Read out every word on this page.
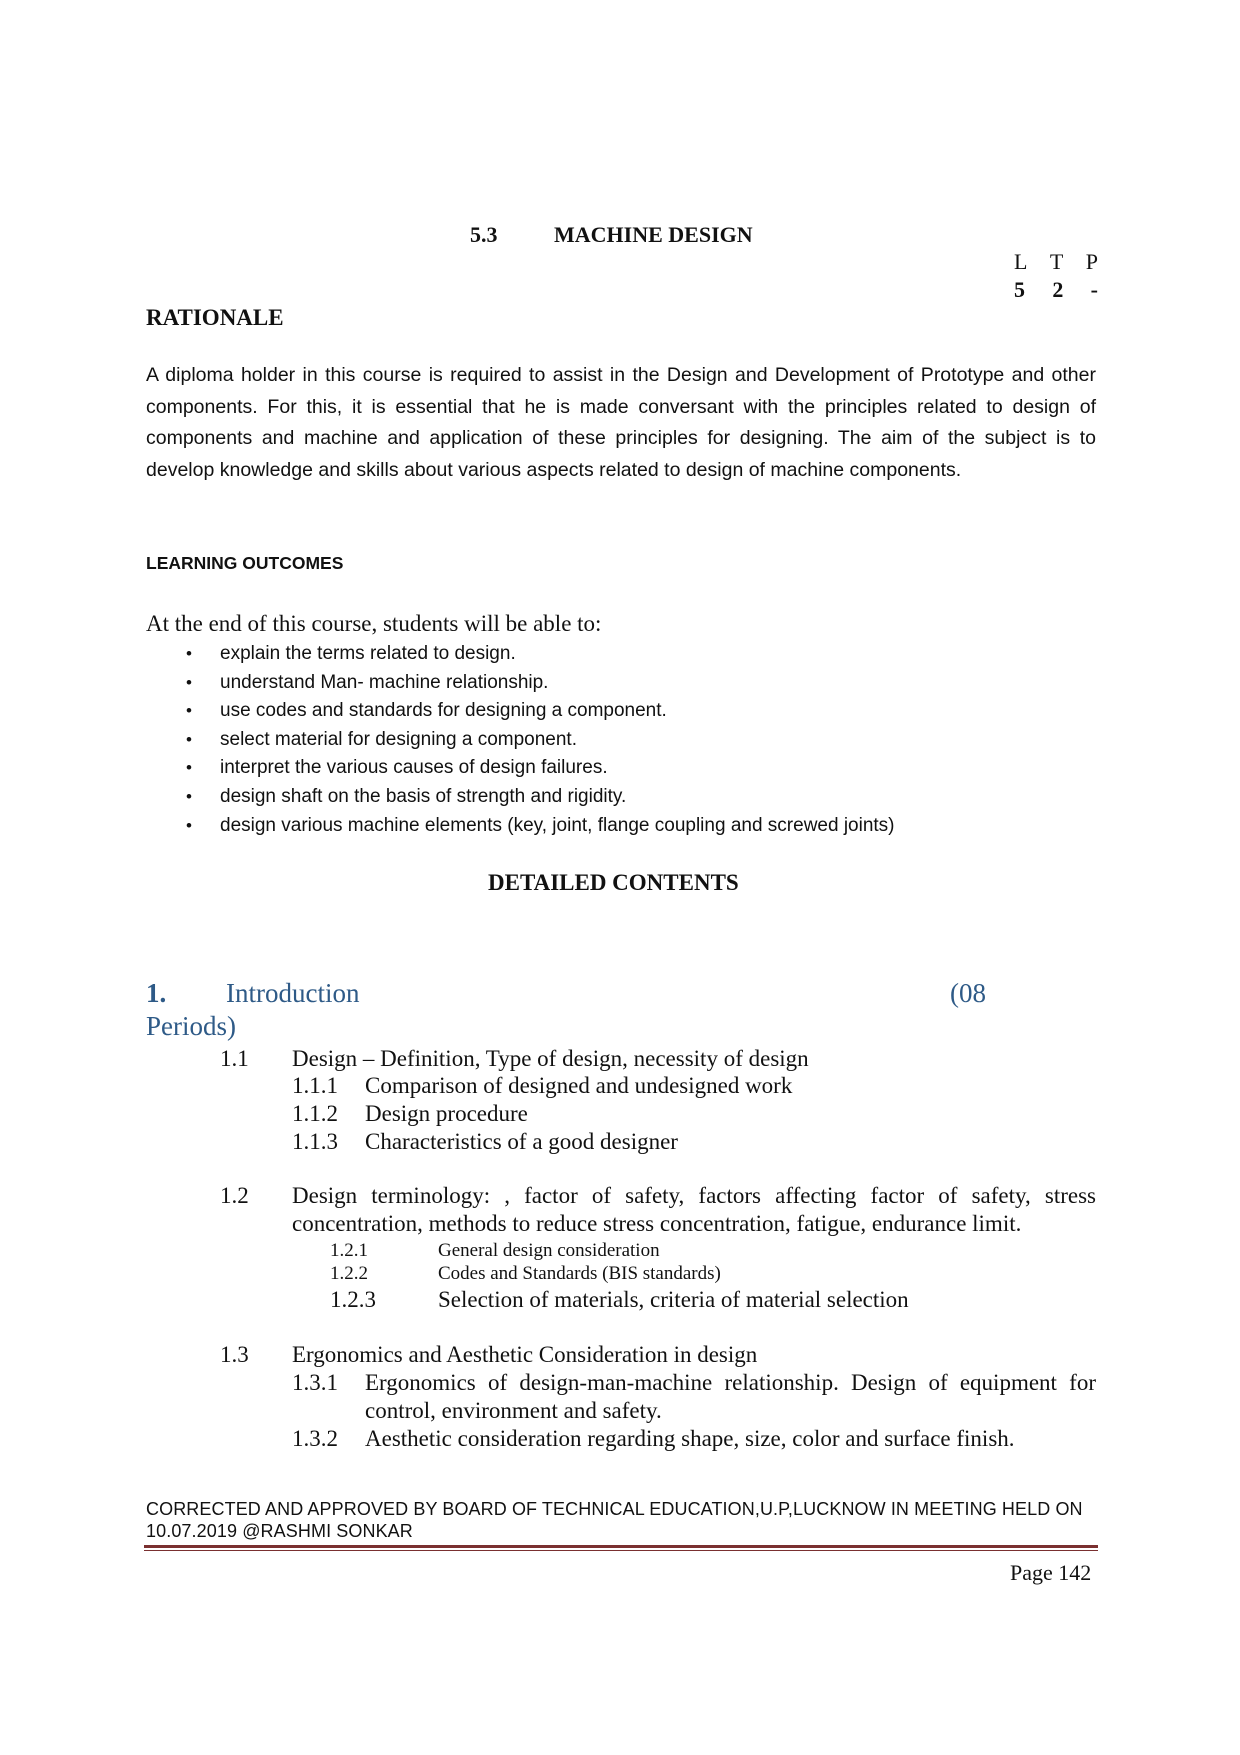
5.3	MACHINE DESIGN
L T P
5 2 -
RATIONALE
A diploma holder in this course is required to assist in the Design and Development of Prototype and other components. For this, it is essential that he is made conversant with the principles related to design of components and machine and application of these principles for designing. The aim of the subject is to develop knowledge and skills about various aspects related to design of machine components.
LEARNING OUTCOMES
At the end of this course, students will be able to:
• explain the terms related to design.
• understand Man- machine relationship.
• use codes and standards for designing a component.
• select material for designing a component.
• interpret the various causes of design failures.
• design shaft on the basis of strength and rigidity.
• design various machine elements (key, joint, flange coupling and screwed joints)
DETAILED CONTENTS
1. Introduction	(08
Periods)
1.1 Design – Definition, Type of design, necessity of design
1.1.1 Comparison of designed and undesigned work
1.1.2 Design procedure
1.1.3 Characteristics of a good designer
1.2 Design terminology: , factor of safety, factors affecting factor of safety, stress concentration, methods to reduce stress concentration, fatigue, endurance limit.
1.2.1	General design consideration
1.2.2	Codes and Standards (BIS standards)
1.2.3	Selection of materials, criteria of material selection
1.3 Ergonomics and Aesthetic Consideration in design
1.3.1 Ergonomics of design-man-machine relationship. Design of equipment for control, environment and safety.
1.3.2 Aesthetic consideration regarding shape, size, color and surface finish.
CORRECTED AND APPROVED BY BOARD OF TECHNICAL EDUCATION,U.P,LUCKNOW IN MEETING HELD ON 10.07.2019 @RASHMI SONKAR
Page 142
